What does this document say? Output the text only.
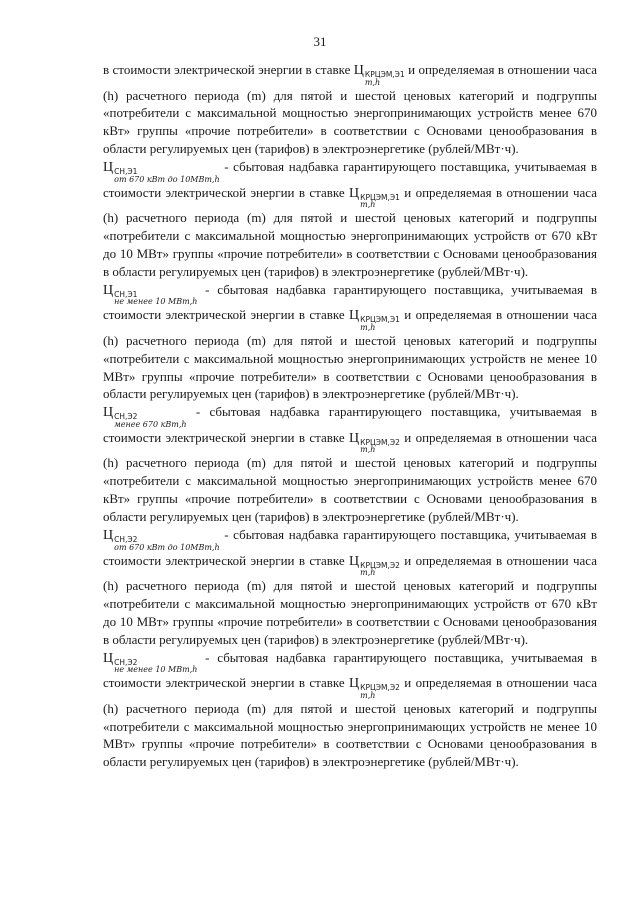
31

в стоимости электрической энергии в ставке Ц КРЦЭМ,Э1
m,h
и определяемая в отношении часа (h) расчетного периода (m) для пятой и шестой ценовых категорий и подгруппы «потребители с максимальной мощностью энергопринимающих устройств менее 670 кВт» группы «прочие потребители» в соответствии с Основами ценообразования в области регулируемых цен (тарифов) в электроэнергетике (рублей/МВт·ч).

Ц СН,Э1
от 670 кВт до 10МВт,h
- сбытовая надбавка гарантирующего поставщика, учитываемая в стоимости электрической энергии в ставке Ц КРЦЭМ,Э1
m,h
и определяемая в отношении часа (h) расчетного периода (m) для пятой и шестой ценовых категорий и подгруппы «потребители с максимальной мощностью энергопринимающих устройств от 670 кВт до 10 МВт» группы «прочие потребители» в соответствии с Основами ценообразования в области регулируемых цен (тарифов) в электроэнергетике (рублей/МВт·ч).

Ц СН,Э1
не менее 10 МВт,h
- сбытовая надбавка гарантирующего поставщика, учитываемая в стоимости электрической энергии в ставке Ц КРЦЭМ,Э1
m,h
и определяемая в отношении часа (h) расчетного периода (m) для пятой и шестой ценовых категорий и подгруппы «потребители с максимальной мощностью энергопринимающих устройств не менее 10 МВт» группы «прочие потребители» в соответствии с Основами ценообразования в области регулируемых цен (тарифов) в электроэнергетике (рублей/МВт·ч).

Ц СН,Э2
менее 670 кВт,h
- сбытовая надбавка гарантирующего поставщика, учитываемая в стоимости электрической энергии в ставке Ц КРЦЭМ,Э2
m,h
и определяемая в отношении часа (h) расчетного периода (m) для пятой и шестой ценовых категорий и подгруппы «потребители с максимальной мощностью энергопринимающих устройств менее 670 кВт» группы «прочие потребители» в соответствии с Основами ценообразования в области регулируемых цен (тарифов) в электроэнергетике (рублей/МВт·ч).

Ц СН,Э2
от 670 кВт до 10МВт,h
- сбытовая надбавка гарантирующего поставщика, учитываемая в стоимости электрической энергии в ставке Ц КРЦЭМ,Э2
m,h
и определяемая в отношении часа (h) расчетного периода (m) для пятой и шестой ценовых категорий и подгруппы «потребители с максимальной мощностью энергопринимающих устройств от 670 кВт до 10 МВт» группы «прочие потребители» в соответствии с Основами ценообразования в области регулируемых цен (тарифов) в электроэнергетике (рублей/МВт·ч).

Ц СН,Э2
не менее 10 МВт,h
- сбытовая надбавка гарантирующего поставщика, учитываемая в стоимости электрической энергии в ставке Ц КРЦЭМ,Э2
m,h
и определяемая в отношении часа (h) расчетного периода (m) для пятой и шестой ценовых категорий и подгруппы «потребители с максимальной мощностью энергопринимающих устройств не менее 10 МВт» группы «прочие потребители» в соответствии с Основами ценообразования в области регулируемых цен (тарифов) в электроэнергетике (рублей/МВт·ч).
